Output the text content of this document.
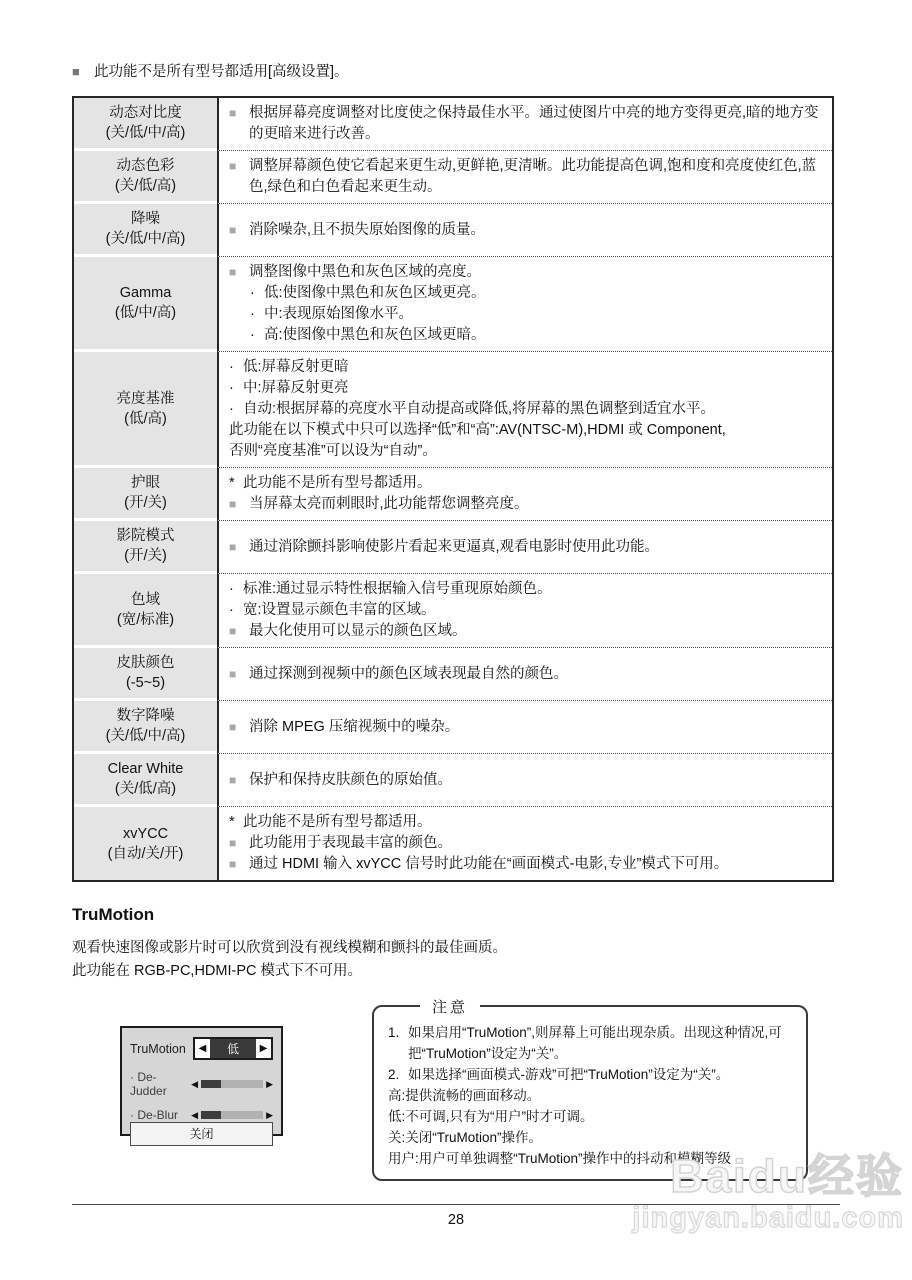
■ 此功能不是所有型号都适用[高级设置]。
动态对比度
(关/低/中/高)
■ 根据屏幕亮度调整对比度使之保持最佳水平。通过使图片中亮的地方变得更亮,暗的地方变的更暗来进行改善。
动态色彩
(关/低/高)
■ 调整屏幕颜色使它看起来更生动,更鲜艳,更清晰。此功能提高色调,饱和度和亮度使红色,蓝色,绿色和白色看起来更生动。
降噪
(关/低/中/高)
■ 消除噪杂,且不损失原始图像的质量。
Gamma
(低/中/高)
■ 调整图像中黑色和灰色区域的亮度。
· 低:使图像中黑色和灰色区域更亮。
· 中:表现原始图像水平。
· 高:使图像中黑色和灰色区域更暗。
亮度基准
(低/高)
· 低:屏幕反射更暗
· 中:屏幕反射更亮
· 自动:根据屏幕的亮度水平自动提高或降低,将屏幕的黑色调整到适宜水平。
此功能在以下模式中只可以选择“低”和“高”:AV(NTSC-M),HDMI 或 Component,
否则“亮度基准”可以设为“自动”。
护眼
(开/关)
* 此功能不是所有型号都适用。
■ 当屏幕太亮而刺眼时,此功能帮您调整亮度。
影院模式
(开/关)
■ 通过消除颤抖影响使影片看起来更逼真,观看电影时使用此功能。
色域
(宽/标准)
· 标准:通过显示特性根据输入信号重现原始颜色。
· 宽:设置显示颜色丰富的区域。
■ 最大化使用可以显示的颜色区域。
皮肤颜色
(-5~5)
■ 通过探测到视频中的颜色区域表现最自然的颜色。
数字降噪
(关/低/中/高)
■ 消除 MPEG 压缩视频中的噪杂。
Clear White
(关/低/高)
■ 保护和保持皮肤颜色的原始值。
xvYCC
(自动/关/开)
* 此功能不是所有型号都适用。
■ 此功能用于表现最丰富的颜色。
■ 通过 HDMI 输入 xvYCC 信号时此功能在“画面模式-电影,专业”模式下可用。
TruMotion
观看快速图像或影片时可以欣赏到没有视线模糊和颤抖的最佳画质。
此功能在 RGB-PC,HDMI-PC 模式下不可用。
TruMotion	◀	低	▶
· De-Judder	◀	▶
· De-Blur ◀	▶
关闭
注意
1. 如果启用“TruMotion”,则屏幕上可能出现杂质。出现这种情况,可把“TruMotion”设定为“关”。
2. 如果选择“画面模式-游戏”可把“TruMotion”设定为“关”。
高:提供流畅的画面移动。
低:不可调,只有为“用户”时才可调。
关:关闭“TruMotion”操作。
用户:用户可单独调整“TruMotion”操作中的抖动和模糊等级
28
Baidu经验
jingyan.baidu.com
